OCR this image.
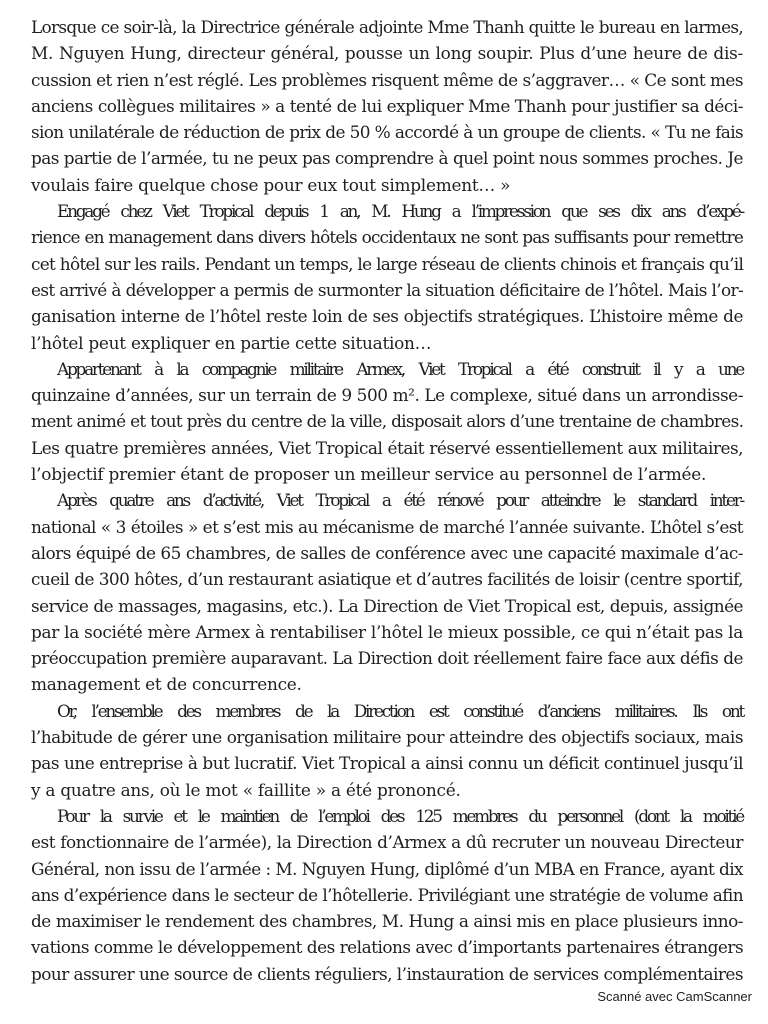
Lorsque ce soir-là, la Directrice générale adjointe Mme Thanh quitte le bureau en larmes,
M. Nguyen Hung, directeur général, pousse un long soupir. Plus d’une heure de dis-
cussion et rien n’est réglé. Les problèmes risquent même de s’aggraver… « Ce sont mes
anciens collègues militaires » a tenté de lui expliquer Mme Thanh pour justifier sa déci-
sion unilatérale de réduction de prix de 50 % accordé à un groupe de clients. « Tu ne fais
pas partie de l’armée, tu ne peux pas comprendre à quel point nous sommes proches. Je
voulais faire quelque chose pour eux tout simplement… »
Engagé chez Viet Tropical depuis 1 an, M. Hung a l’impression que ses dix ans d’expé-
rience en management dans divers hôtels occidentaux ne sont pas suffisants pour remettre
cet hôtel sur les rails. Pendant un temps, le large réseau de clients chinois et français qu’il
est arrivé à développer a permis de surmonter la situation déficitaire de l’hôtel. Mais l’or-
ganisation interne de l’hôtel reste loin de ses objectifs stratégiques. L’histoire même de
l’hôtel peut expliquer en partie cette situation…
Appartenant à la compagnie militaire Armex, Viet Tropical a été construit il y a une
quinzaine d’années, sur un terrain de 9 500 m². Le complexe, situé dans un arrondisse-
ment animé et tout près du centre de la ville, disposait alors d’une trentaine de chambres.
Les quatre premières années, Viet Tropical était réservé essentiellement aux militaires,
l’objectif premier étant de proposer un meilleur service au personnel de l’armée.
Après quatre ans d’activité, Viet Tropical a été rénové pour atteindre le standard inter-
national « 3 étoiles » et s’est mis au mécanisme de marché l’année suivante. L’hôtel s’est
alors équipé de 65 chambres, de salles de conférence avec une capacité maximale d’ac-
cueil de 300 hôtes, d’un restaurant asiatique et d’autres facilités de loisir (centre sportif,
service de massages, magasins, etc.). La Direction de Viet Tropical est, depuis, assignée
par la société mère Armex à rentabiliser l’hôtel le mieux possible, ce qui n’était pas la
préoccupation première auparavant. La Direction doit réellement faire face aux défis de
management et de concurrence.
Or, l’ensemble des membres de la Direction est constitué d’anciens militaires. Ils ont
l’habitude de gérer une organisation militaire pour atteindre des objectifs sociaux, mais
pas une entreprise à but lucratif. Viet Tropical a ainsi connu un déficit continuel jusqu’il
y a quatre ans, où le mot « faillite » a été prononcé.
Pour la survie et le maintien de l’emploi des 125 membres du personnel (dont la moitié
est fonctionnaire de l’armée), la Direction d’Armex a dû recruter un nouveau Directeur
Général, non issu de l’armée : M. Nguyen Hung, diplômé d’un MBA en France, ayant dix
ans d’expérience dans le secteur de l’hôtellerie. Privilégiant une stratégie de volume afin
de maximiser le rendement des chambres, M. Hung a ainsi mis en place plusieurs inno-
vations comme le développement des relations avec d’importants partenaires étrangers
pour assurer une source de clients réguliers, l’instauration de services complémentaires
Scanné avec CamScanner
